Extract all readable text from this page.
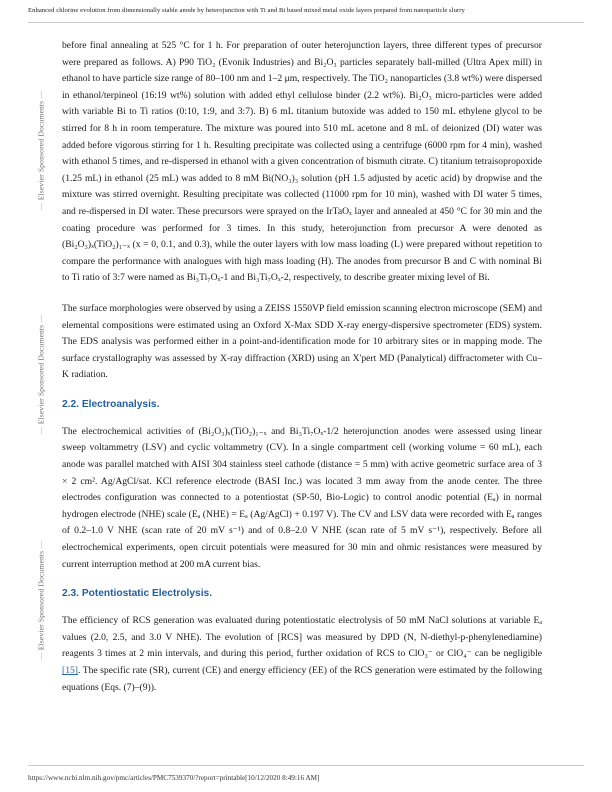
Enhanced chlorine evolution from dimensionally stable anode by heterojunction with Ti and Bi based mixed metal oxide layers prepared from nanoparticle slurry
— Elsevier Sponsored Documents —
— Elsevier Sponsored Documents —
— Elsevier Sponsored Documents —

before final annealing at 525 °C for 1 h. For preparation of outer heterojunction layers, three different types of precursor were prepared as follows. A) P90 TiO₂ (Evonik Industries) and Bi₂O₃ particles separately ball-milled (Ultra Apex mill) in ethanol to have particle size range of 80–100 nm and 1–2 μm, respectively. The TiO₂ nanoparticles (3.8 wt%) were dispersed in ethanol/terpineol (16:19 wt%) solution with added ethyl cellulose binder (2.2 wt%). Bi₂O₃ micro-particles were added with variable Bi to Ti ratios (0:10, 1:9, and 3:7). B) 6 mL titanium butoxide was added to 150 mL ethylene glycol to be stirred for 8 h in room temperature. The mixture was poured into 510 mL acetone and 8 mL of deionized (DI) water was added before vigorous stirring for 1 h. Resulting precipitate was collected using a centrifuge (6000 rpm for 4 min), washed with ethanol 5 times, and re-dispersed in ethanol with a given concentration of bismuth citrate. C) titanium tetraisopropoxide (1.25 mL) in ethanol (25 mL) was added to 8 mM Bi(NO₃)₃ solution (pH 1.5 adjusted by acetic acid) by dropwise and the mixture was stirred overnight. Resulting precipitate was collected (11000 rpm for 10 min), washed with DI water 5 times, and re-dispersed in DI water. These precursors were sprayed on the IrTaOₓ layer and annealed at 450 °C for 30 min and the coating procedure was performed for 3 times. In this study, heterojunction from precursor A were denoted as (Bi₂O₃)ₓ(TiO₂)₁₋ₓ (x = 0, 0.1, and 0.3), while the outer layers with low mass loading (L) were prepared without repetition to compare the performance with analogues with high mass loading (H). The anodes from precursor B and C with nominal Bi to Ti ratio of 3:7 were named as Bi₃Ti₇Oₓ-1 and Bi₃Ti₇Oₓ-2, respectively, to describe greater mixing level of Bi.

The surface morphologies were observed by using a ZEISS 1550VP field emission scanning electron microscope (SEM) and elemental compositions were estimated using an Oxford X-Max SDD X-ray energy-dispersive spectrometer (EDS) system. The EDS analysis was performed either in a point-and-identification mode for 10 arbitrary sites or in mapping mode. The surface crystallography was assessed by X-ray diffraction (XRD) using an X'pert MD (Panalytical) diffractometer with Cu–K radiation.

2.2. Electroanalysis.

The electrochemical activities of (Bi₂O₃)ₓ(TiO₂)₁₋ₓ and Bi₃Ti₇Oₓ-1/2 heterojunction anodes were assessed using linear sweep voltammetry (LSV) and cyclic voltammetry (CV). In a single compartment cell (working volume = 60 mL), each anode was parallel matched with AISI 304 stainless steel cathode (distance = 5 mm) with active geometric surface area of 3 × 2 cm². Ag/AgCl/sat. KCl reference electrode (BASI Inc.) was located 3 mm away from the anode center. The three electrodes configuration was connected to a potentiostat (SP-50, Bio-Logic) to control anodic potential (Eₐ) in normal hydrogen electrode (NHE) scale (Eₐ (NHE) = Eₐ (Ag/AgCl) + 0.197 V). The CV and LSV data were recorded with Eₐ ranges of 0.2–1.0 V NHE (scan rate of 20 mV s⁻¹) and of 0.8–2.0 V NHE (scan rate of 5 mV s⁻¹), respectively. Before all electrochemical experiments, open circuit potentials were measured for 30 min and ohmic resistances were measured by current interruption method at 200 mA current bias.

2.3. Potentiostatic Electrolysis.

The efficiency of RCS generation was evaluated during potentiostatic electrolysis of 50 mM NaCl solutions at variable Eₐ values (2.0, 2.5, and 3.0 V NHE). The evolution of [RCS] was measured by DPD (N, N-diethyl-p-phenylenediamine) reagents 3 times at 2 min intervals, and during this period, further oxidation of RCS to ClO₃⁻ or ClO₄⁻ can be negligible [15]. The specific rate (SR), current (CE) and energy efficiency (EE) of the RCS generation were estimated by the following equations (Eqs. (7)–(9)).

https://www.ncbi.nlm.nih.gov/pmc/articles/PMC7539370/?report=printable[10/12/2020 8:49:16 AM]
